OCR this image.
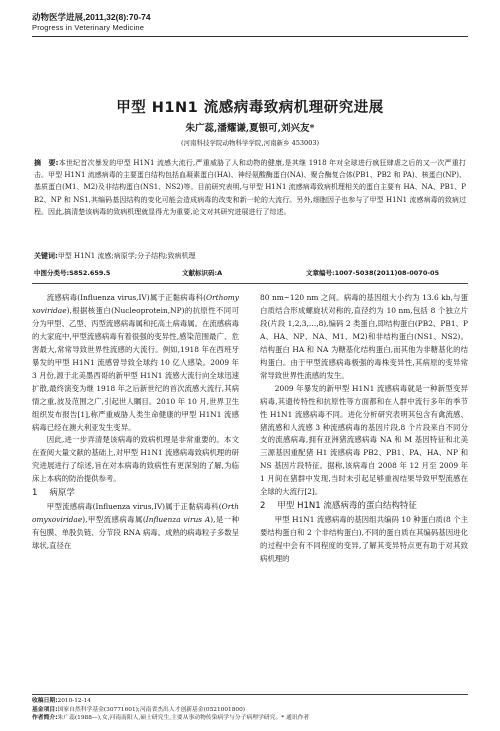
动物医学进展,2011,32(8):70-74
Progress in Veterinary Medicine
甲型 H1N1 流感病毒致病机理研究进展
朱广蕊,潘耀谦,夏银可,刘兴友*
(河南科技学院动物科学学院,河南新乡 453003)
摘　要:本世纪首次暴发的甲型 H1N1 流感大流行,严重威胁了人和动物的健康,是其继 1918 年对全球进行疯狂肆虐之后的又一次严重打击。甲型 H1N1 流感病毒的主要蛋白结构包括血凝素蛋白(HA)、神经氨酸酶蛋白(NA)、聚合酶复合体(PB1、PB2 和 PA)、核蛋白(NP)、基质蛋白(M1、M2)及非结构蛋白(NS1、NS2)等。目前研究表明,与甲型 H1N1 流感病毒致病机理相关的蛋白主要有 HA、NA、PB1、PB2、NP 和 NS1,其编码基因结构的变化可能会造成病毒的改变和新一轮的大流行。另外,细胞因子也参与了甲型 H1N1 流感病毒的致病过程。因此,搞清楚该病毒的致病机理就显得尤为重要,论文对其研究进展进行了综述。
关键词:甲型 H1N1 流感;病原学;分子结构;致病机理
中图分类号:S852.659.5	文献标识码:A	文章编号:1007-5038(2011)08-0070-05

流感病毒(Influenza virus,IV)属于正黏病毒科(Orthomyxoviridae),根据核蛋白(Nucleoprotein,NP)的抗原性不同可分为甲型、乙型、丙型流感病毒属和托高土病毒属。在流感病毒的大家庭中,甲型流感病毒有着很强的变异性,感染范围最广、危害最大,常常导致世界性流感的大流行。例如,1918 年在西班牙暴发的甲型 H1N1 流感曾导致全球约 10 亿人感染。2009 年 3 月份,源于北美墨西哥的新甲型 H1N1 流感大流行向全球迅速扩散,最终演变为继 1918 年之后新世纪的首次流感大流行,其病情之重,波及范围之广,引起世人瞩目。2010 年 10 月,世界卫生组织发布报告[1],称严重威胁人类生命健康的甲型 H1N1 流感病毒已经在澳大利亚发生变异。

因此,进一步弄清楚该病毒的致病机理是非常重要的。本文在查阅大量文献的基础上,对甲型 H1N1 流感病毒致病机理的研究进展进行了综述,旨在对本病毒的致病性有更深刻的了解,为临床上本病的防治提供参考。

1 病原学

甲型流感病毒(Influenza virus,IV)属于正黏病毒科(Orthomyxoviridae),甲型流感病毒属(Influenza virus A),是一种有包膜、单股负链、分节段 RNA 病毒。成熟的病毒粒子多数呈球状,直径在

80 nm~120 nm 之间。病毒的基因组大小约为 13.6 kb,与蛋白质结合形成螺旋状对称的,直径约为 10 nm,包括 8 个独立片段(片段 1,2,3,…,8),编码 2 类蛋白,即结构蛋白(PB2、PB1、PA、HA、NP、NA、M1、M2)和非结构蛋白(NS1、NS2)。结构蛋白 HA 和 NA 为糖基化结构蛋白,而其他为非糖基化的结构蛋白。由于甲型流感病毒极强的毒株变异性,其病原的变异常常导致世界性流感的发生。

2009 年暴发的新甲型 H1N1 流感病毒就是一种新型变异病毒,其遗传特性和抗原性等方面都和在人群中流行多年的季节性 H1N1 流感病毒不同。进化分析研究表明其包含有禽流感、猪流感和人流感 3 种流感病毒的基因片段,8 个片段来自不同分支的流感病毒,拥有亚洲猪流感病毒 NA 和 M 基因特征和北美三源基因重配猪 H1 流感病毒 PB2、PB1、PA、HA、NP 和 NS 基因片段特征。据称,该病毒自 2008 年 12 月至 2009 年 1 月间在猪群中发现,当时未引起足够重视结果导致甲型流感在全球的大流行[2]。

2 甲型 H1N1 流感病毒的蛋白结构特征

甲型 H1N1 流感病毒的基因组共编码 10 种蛋白质(8 个主要结构蛋白和 2 个非结构蛋白),不同的蛋白质在其编码基因进化的过程中会有不同程度的变异,了解其变异特点更有助于对其致病机理的

收稿日期:2010-12-14
基金项目:国家自然科学基金(30771601);河南省杰出人才创新基金(0521001800)
作者简介:朱广蕊(1988—),女,河南南阳人,硕士研究生,主要从事动物传染病学与分子病理学研究。* 通讯作者
